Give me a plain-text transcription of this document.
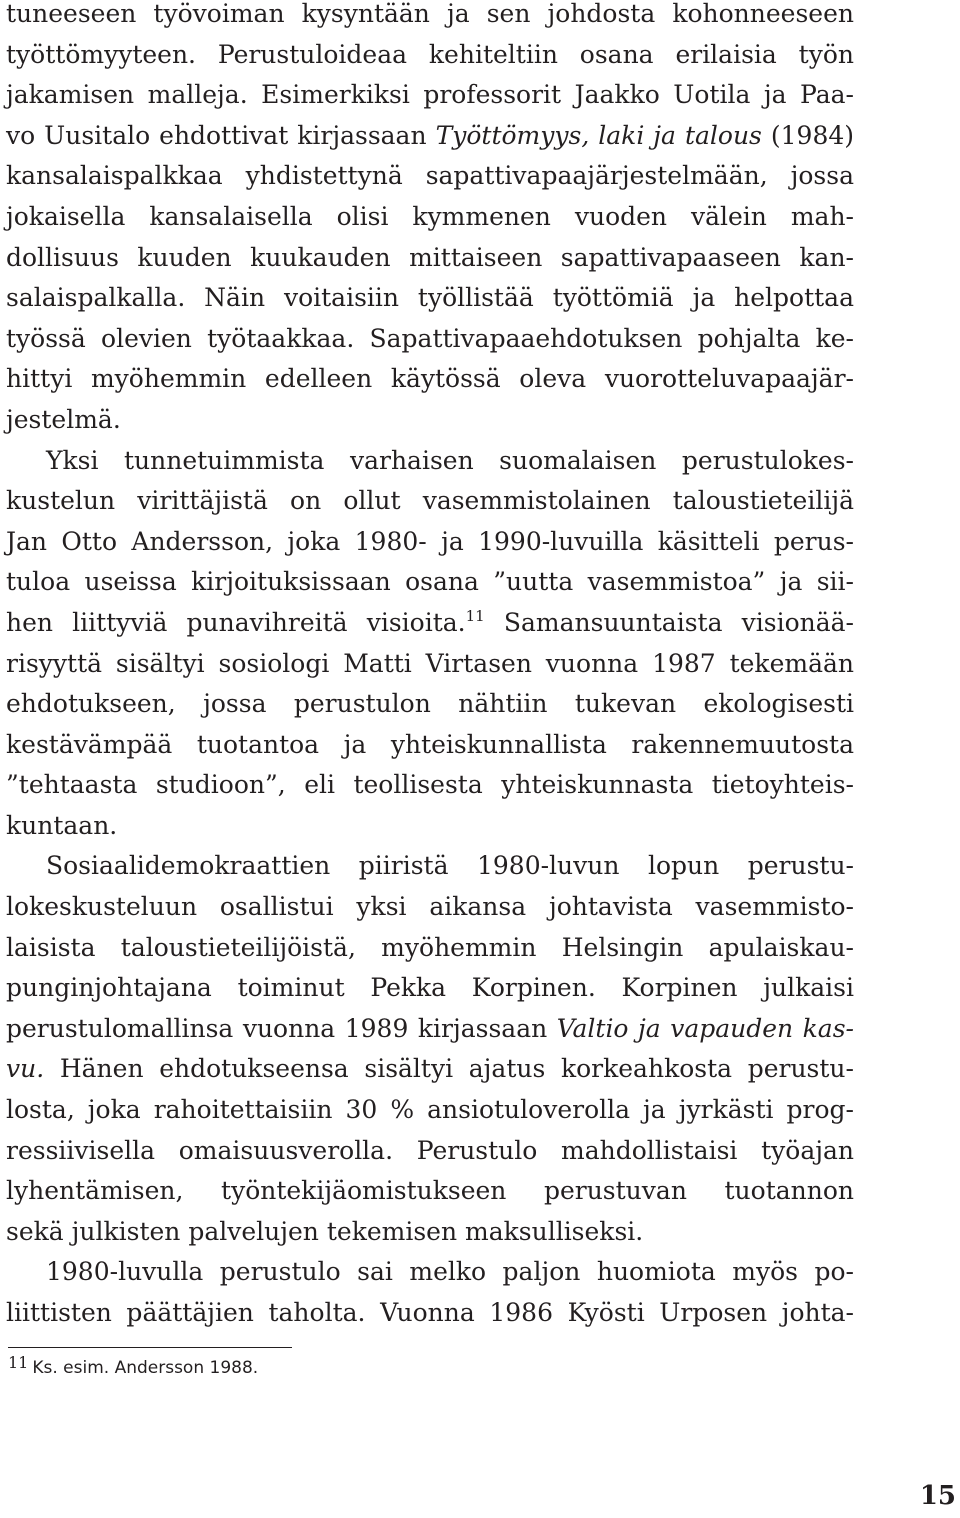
tuneeseen työvoiman kysyntään ja sen johdosta kohonneeseen
työttömyyteen. Perustuloideaa kehiteltiin osana erilaisia työn
jakamisen malleja. Esimerkiksi professorit Jaakko Uotila ja Paa-
vo Uusitalo ehdottivat kirjassaan Työttömyys, laki ja talous (1984)
kansalaispalkkaa yhdistettynä sapattivapaajärjestelmään, jossa
jokaisella kansalaisella olisi kymmenen vuoden välein mah-
dollisuus kuuden kuukauden mittaiseen sapattivapaaseen kan-
salaispalkalla. Näin voitaisiin työllistää työttömiä ja helpottaa
työssä olevien työtaakkaa. Sapattivapaaehdotuksen pohjalta ke-
hittyi myöhemmin edelleen käytössä oleva vuorotteluvapaajär-
jestelmä.
Yksi tunnetuimmista varhaisen suomalaisen perustulokes-
kustelun virittäjistä on ollut vasemmistolainen taloustieteilijä
Jan Otto Andersson, joka 1980- ja 1990-luvuilla käsitteli perus-
tuloa useissa kirjoituksissaan osana ”uutta vasemmistoa” ja sii-
hen liittyviä punavihreitä visioita.$^{11}$ Samansuuntaista visionää-
risyyttä sisältyi sosiologi Matti Virtasen vuonna 1987 tekemään
ehdotukseen, jossa perustulon nähtiin tukevan ekologisesti
kestävämpää tuotantoa ja yhteiskunnallista rakennemuutosta
”tehtaasta studioon”, eli teollisesta yhteiskunnasta tietoyhteis-
kuntaan.
Sosiaalidemokraattien piiristä 1980-luvun lopun perustu-
lokeskusteluun osallistui yksi aikansa johtavista vasemmisto-
laisista taloustieteilijöistä, myöhemmin Helsingin apulaiskau-
punginjohtajana toiminut Pekka Korpinen. Korpinen julkaisi
perustulomallinsa vuonna 1989 kirjassaan Valtio ja vapauden kas-
vu. Hänen ehdotukseensa sisältyi ajatus korkeahkosta perustu-
losta, joka rahoitettaisiin 30 % ansiotuloverolla ja jyrkästi prog-
ressiivisella omaisuusverolla. Perustulo mahdollistaisi työajan
lyhentämisen, työntekijäomistukseen perustuvan tuotannon
sekä julkisten palvelujen tekemisen maksulliseksi.
1980-luvulla perustulo sai melko paljon huomiota myös po-
liittisten päättäjien taholta. Vuonna 1986 Kyösti Urposen johta-
11 Ks. esim. Andersson 1988.
15
